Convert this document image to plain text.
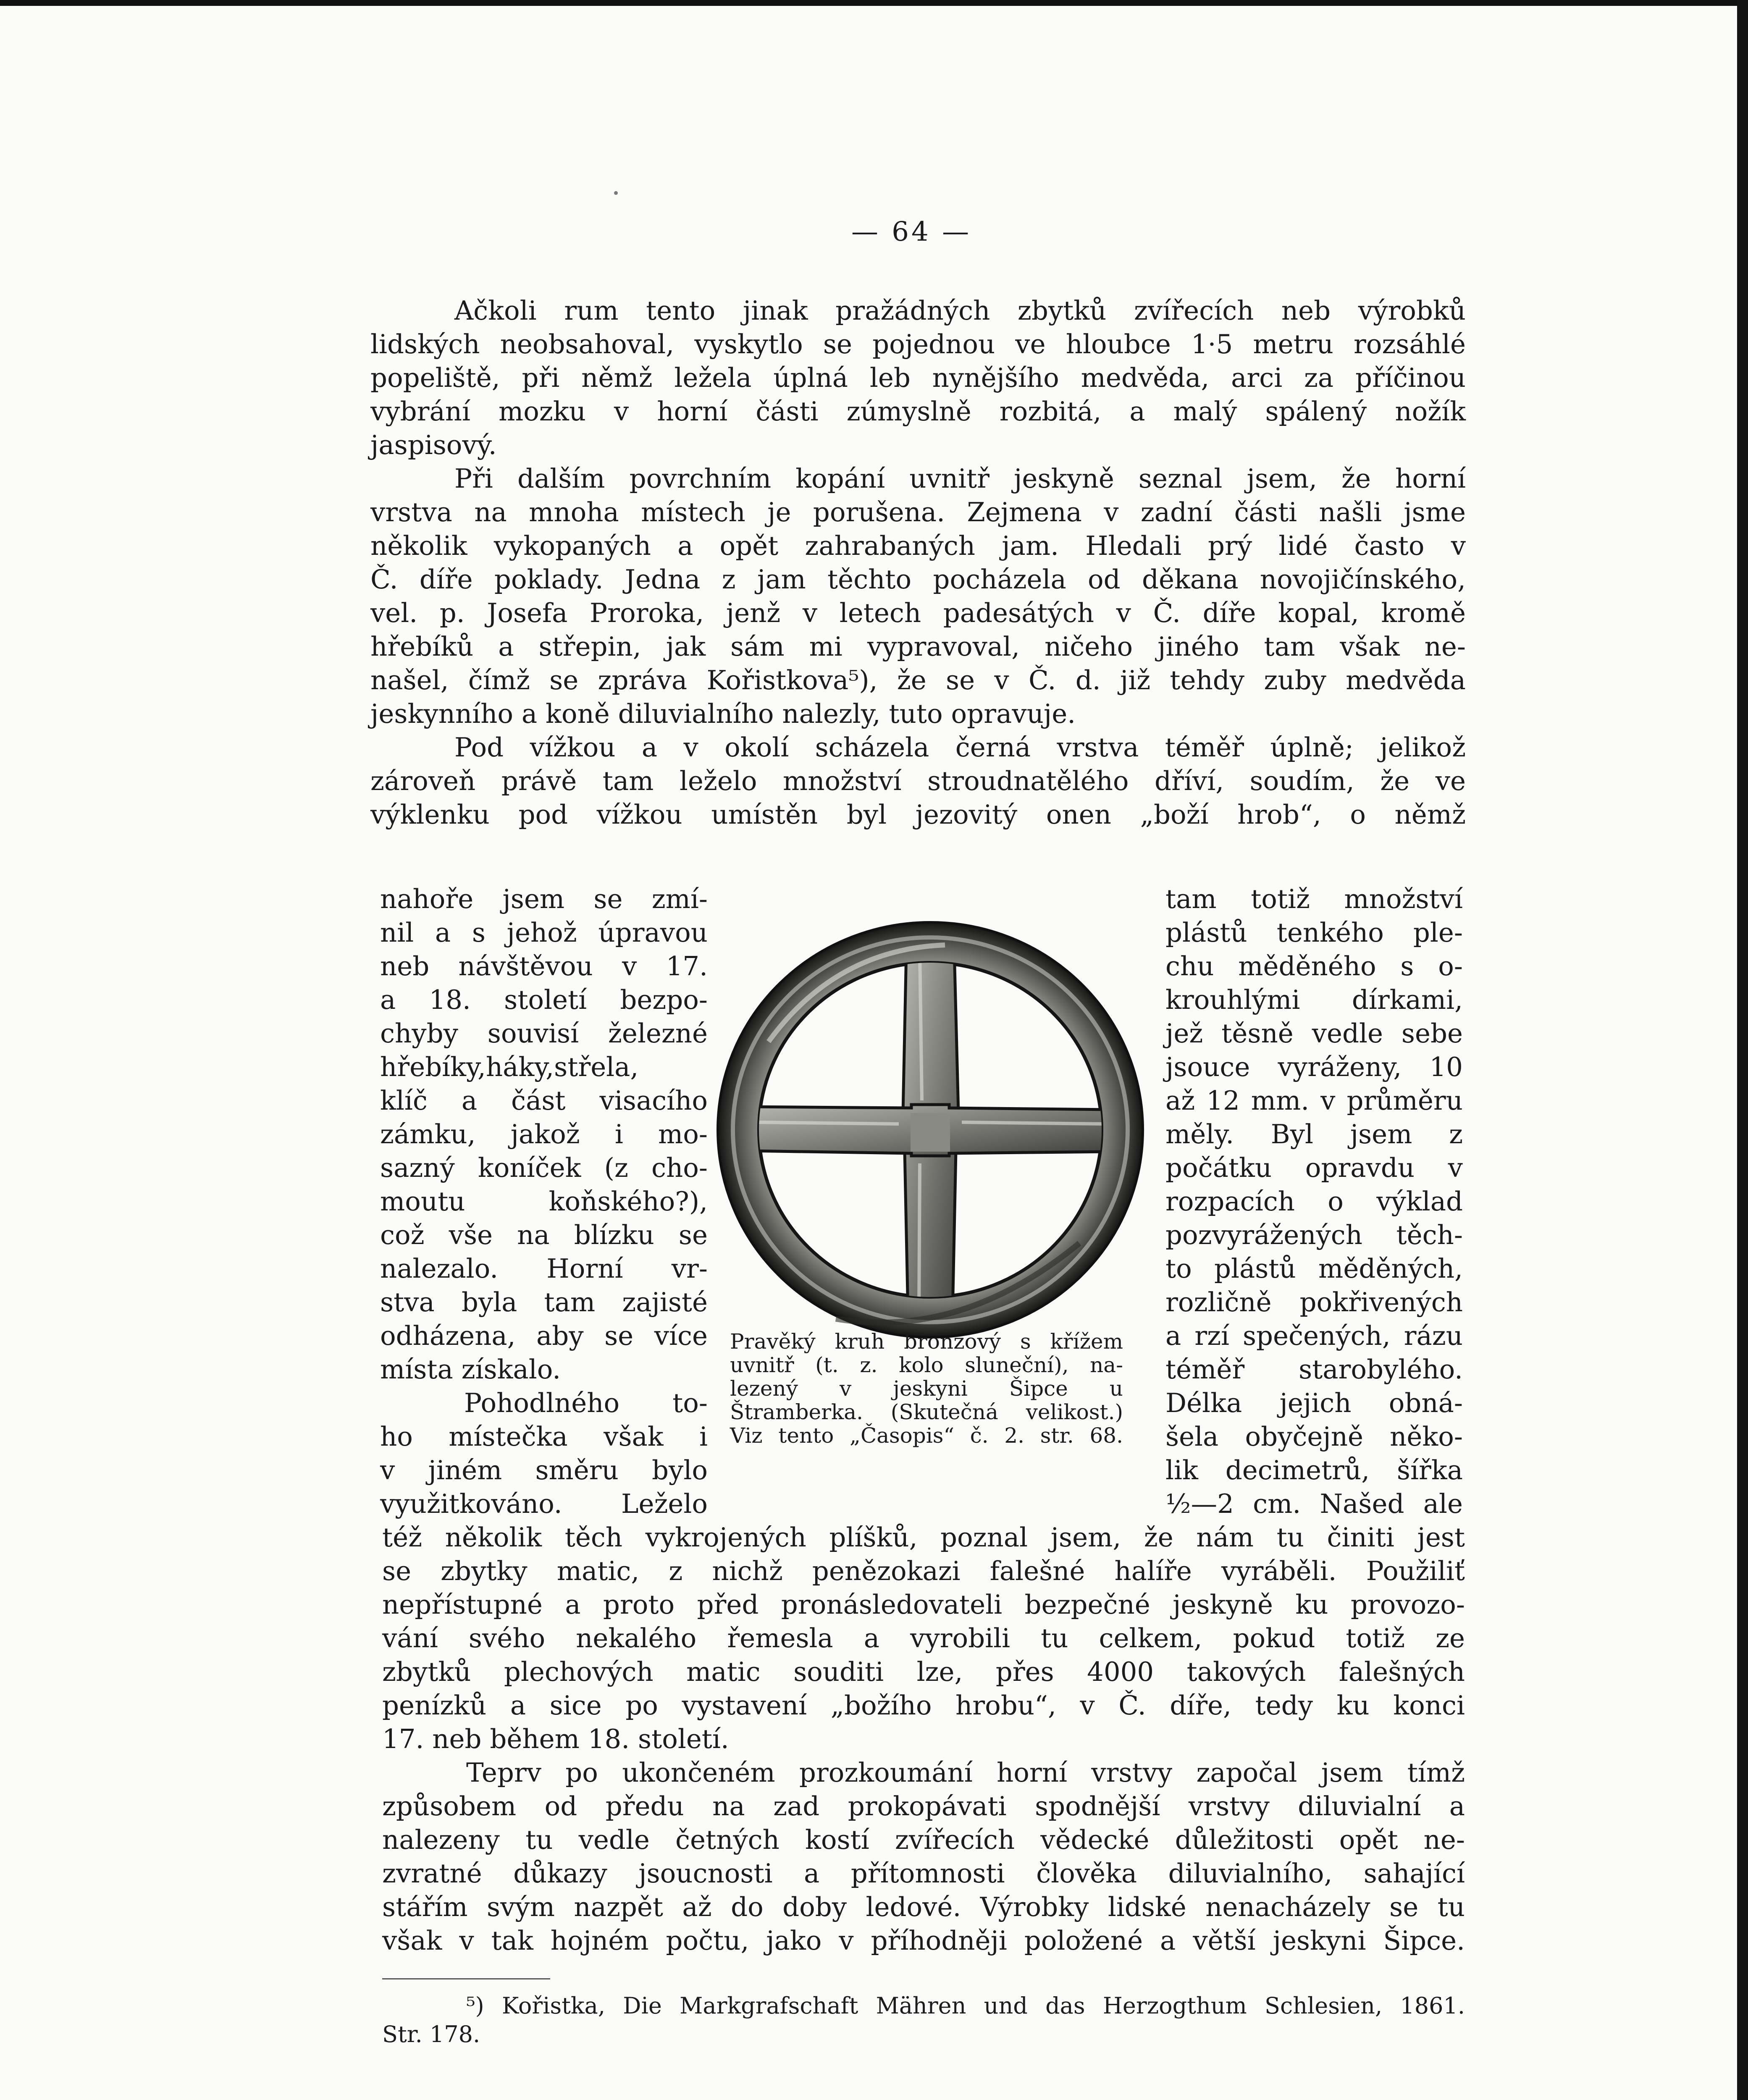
— 64 —
Ačkoli rum tento jinak pražádných zbytků zvířecích neb výrobků
lidských neobsahoval, vyskytlo se pojednou ve hloubce 1·5 metru rozsáhlé
popeliště, při němž ležela úplná leb nynějšího medvěda, arci za příčinou
vybrání mozku v horní části zúmyslně rozbitá, a malý spálený nožík
jaspisový.
Při dalším povrchním kopání uvnitř jeskyně seznal jsem, že horní
vrstva na mnoha místech je porušena. Zejmena v zadní části našli jsme
několik vykopaných a opět zahrabaných jam. Hledali prý lidé často v
Č. díře poklady. Jedna z jam těchto pocházela od děkana novojičínského,
vel. p. Josefa Proroka, jenž v letech padesátých v Č. díře kopal, kromě
hřebíků a střepin, jak sám mi vypravoval, ničeho jiného tam však ne-
našel, čímž se zpráva Kořistkova⁵), že se v Č. d. již tehdy zuby medvěda
jeskynního a koně diluvialního nalezly, tuto opravuje.
Pod vížkou a v okolí scházela černá vrstva téměř úplně; jelikož
zároveň právě tam leželo množství stroudnatělého dříví, soudím, že ve
výklenku pod vížkou umístěn byl jezovitý onen „boží hrob“, o němž
nahoře jsem se zmí-
nil a s jehož úpravou
neb návštěvou v 17.
a 18. století bezpo-
chyby souvisí železné
hřebíky,háky,střela,
klíč a část visacího
zámku, jakož i mo-
sazný koníček (z cho-
moutu koňského?),
což vše na blízku se
nalezalo. Horní vr-
stva byla tam zajisté
odházena, aby se více
místa získalo.
Pohodlného to-
ho místečka však i
v jiném směru bylo
využitkováno. Leželo
Pravěký kruh bronzový s křížem
uvnitř (t. z. kolo sluneční), na-
lezený v jeskyni Šipce u
Štramberka. (Skutečná velikost.)
Viz tento „Časopis“ č. 2. str. 68.
tam totiž množství
plástů tenkého ple-
chu měděného s o-
krouhlými dírkami,
jež těsně vedle sebe
jsouce vyráženy, 10
až 12 mm. v průměru
měly. Byl jsem z
počátku opravdu v
rozpacích o výklad
pozvyrážených těch-
to plástů měděných,
rozličně pokřivených
a rzí spečených, rázu
téměř starobylého.
Délka jejich obná-
šela obyčejně něko-
lik decimetrů, šířka
½—2 cm. Našed ale
též několik těch vykrojených plíšků, poznal jsem, že nám tu činiti jest
se zbytky matic, z nichž penězokazi falešné halíře vyráběli. Použiliť
nepřístupné a proto před pronásledovateli bezpečné jeskyně ku provozo-
vání svého nekalého řemesla a vyrobili tu celkem, pokud totiž ze
zbytků plechových matic souditi lze, přes 4000 takových falešných
penízků a sice po vystavení „božího hrobu“, v Č. díře, tedy ku konci
17. neb během 18. století.
Teprv po ukončeném prozkoumání horní vrstvy započal jsem tímž
způsobem od předu na zad prokopávati spodnější vrstvy diluvialní a
nalezeny tu vedle četných kostí zvířecích vědecké důležitosti opět ne-
zvratné důkazy jsoucnosti a přítomnosti člověka diluvialního, sahající
stářím svým nazpět až do doby ledové. Výrobky lidské nenacházely se tu
však v tak hojném počtu, jako v příhodněji položené a větší jeskyni Šipce.
⁵) Kořistka, Die Markgrafschaft Mähren und das Herzogthum Schlesien, 1861.
Str. 178.
